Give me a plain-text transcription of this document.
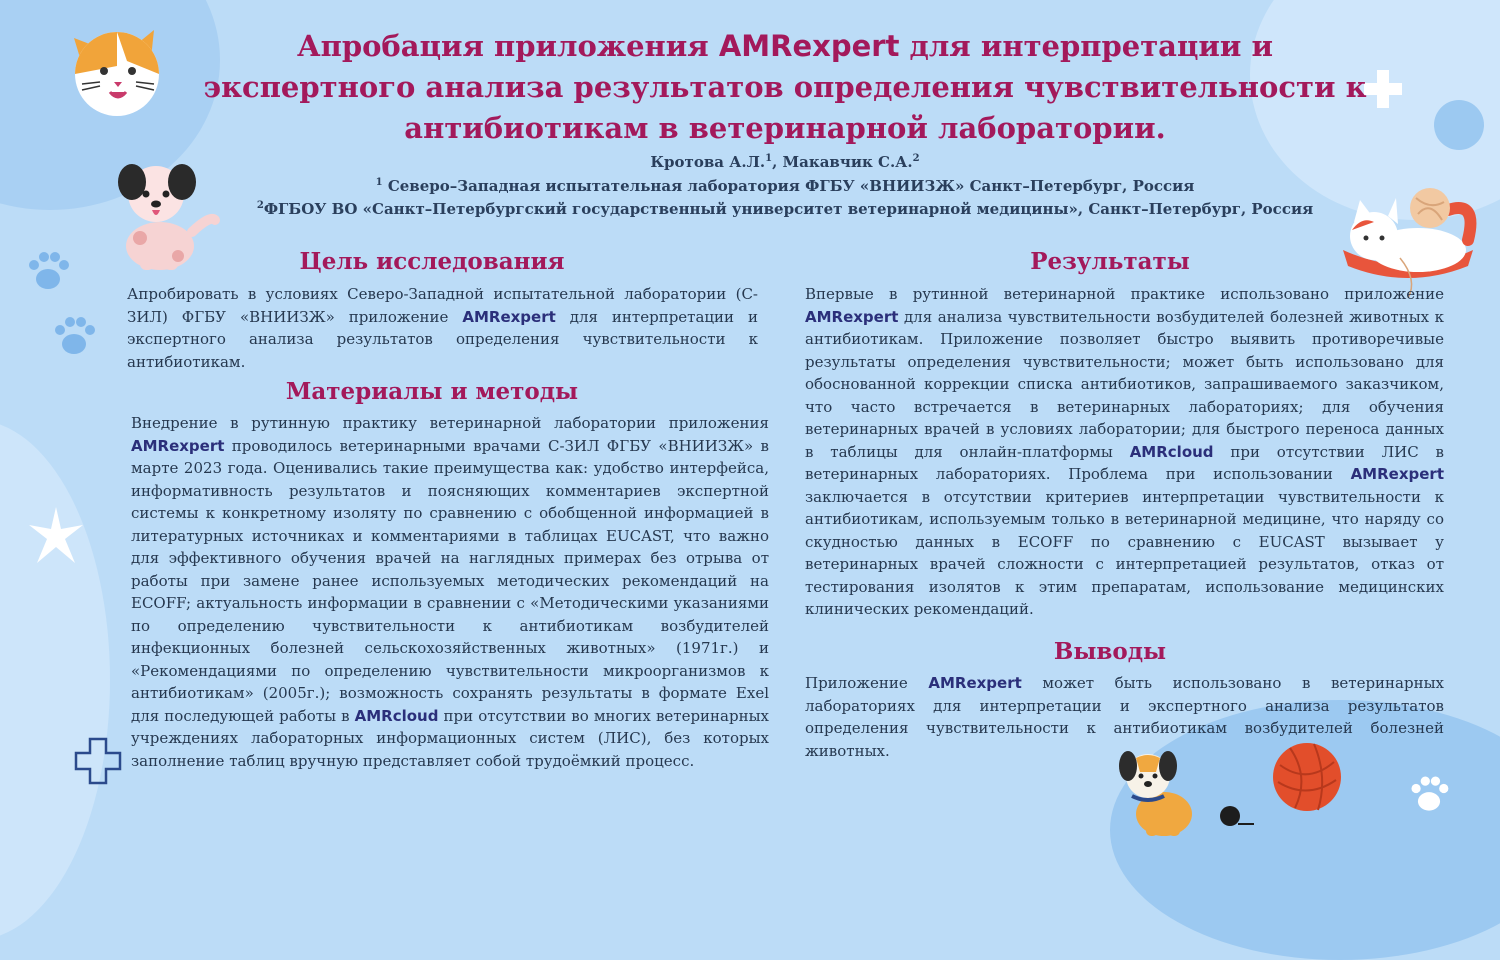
Апробация приложения AMRexpert для интерпретации и экспертного анализа результатов определения чувствительности к антибиотикам в ветеринарной лаборатории.

Кротова А.Л.$^1$, Макавчик С.А.$^2$

$^1$ Северо–Западная испытательная лаборатория ФГБУ «ВНИИЗЖ» Санкт–Петербург, Россия

$^2$ФГБОУ ВО «Санкт–Петербургский государственный университет ветеринарной медицины», Санкт–Петербург, Россия

Цель исследования

Апробировать в условиях Северо-Западной испытательной лаборатории (С-ЗИЛ) ФГБУ «ВНИИЗЖ» приложение AMRexpert для интерпретации и экспертного анализа результатов определения чувствительности к антибиотикам.

Материалы и методы

Внедрение в рутинную практику ветеринарной лаборатории приложения AMRexpert проводилось ветеринарными врачами С-ЗИЛ ФГБУ «ВНИИЗЖ» в марте 2023 года. Оценивались такие преимущества как: удобство интерфейса, информативность результатов и поясняющих комментариев экспертной системы к конкретному изоляту по сравнению с обобщенной информацией в литературных источниках и комментариями в таблицах EUCAST, что важно для эффективного обучения врачей на наглядных примерах без отрыва от работы при замене ранее используемых методических рекомендаций на ECOFF; актуальность информации в сравнении с «Методическими указаниями по определению чувствительности к антибиотикам возбудителей инфекционных болезней сельскохозяйственных животных» (1971г.) и «Рекомендациями по определению чувствительности микроорганизмов к антибиотикам» (2005г.); возможность сохранять результаты в формате Exel для последующей работы в AMRcloud при отсутствии во многих ветеринарных учреждениях лабораторных информационных систем (ЛИС), без которых заполнение таблиц вручную представляет собой трудоёмкий процесс.

Результаты

Впервые в рутинной ветеринарной практике использовано приложение AMRexpert для анализа чувствительности возбудителей болезней животных к антибиотикам. Приложение позволяет быстро выявить противоречивые результаты определения чувствительности; может быть использовано для обоснованной коррекции списка антибиотиков, запрашиваемого заказчиком, что часто встречается в ветеринарных лабораториях; для обучения ветеринарных врачей в условиях лаборатории; для быстрого переноса данных в таблицы для онлайн-платформы AMRcloud при отсутствии ЛИС в ветеринарных лабораториях. Проблема при использовании AMRexpert заключается в отсутствии критериев интерпретации чувствительности к антибиотикам, используемым только в ветеринарной медицине, что наряду со скудностью данных в ECOFF по сравнению с EUCAST вызывает у ветеринарных врачей сложности с интерпретацией результатов, отказ от тестирования изолятов к этим препаратам, использование медицинских клинических рекомендаций.

Выводы

Приложение AMRexpert может быть использовано в ветеринарных лабораториях для интерпретации и экспертного анализа результатов определения чувствительности к антибиотикам возбудителей болезней животных.
